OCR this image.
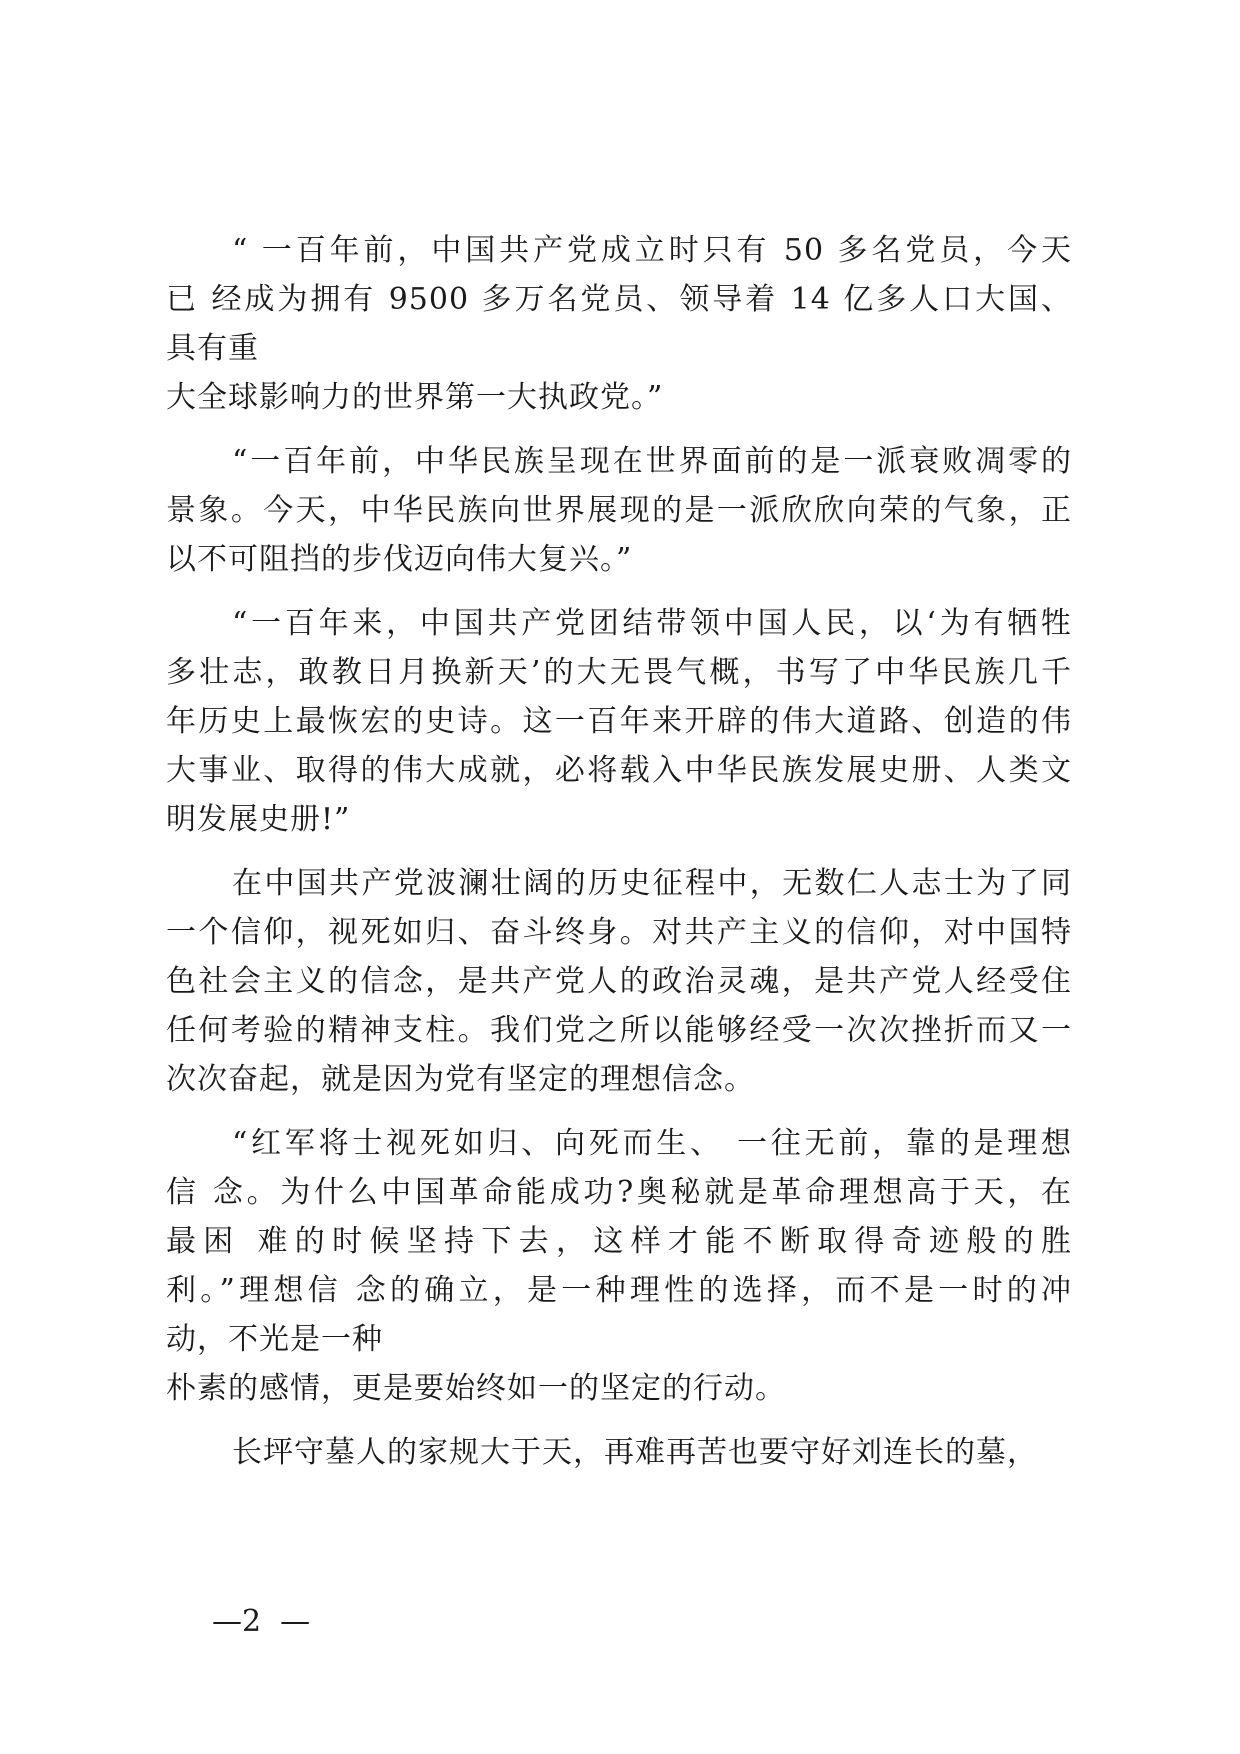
“ 一百年前，中国共产党成立时只有 50 多名党员，今天
已 经成为拥有 9500 多万名党员、领导着 14 亿多人口大国、
具有重
大全球影响力的世界第一大执政党。”
“一百年前，中华民族呈现在世界面前的是一派衰败凋零的
景象。今天，中华民族向世界展现的是一派欣欣向荣的气象，正
以不可阻挡的步伐迈向伟大复兴。”
“一百年来，中国共产党团结带领中国人民，以‘为有牺牲
多壮志，敢教日月换新天’的大无畏气概，书写了中华民族几千
年历史上最恢宏的史诗。这一百年来开辟的伟大道路、创造的伟
大事业、取得的伟大成就，必将载入中华民族发展史册、人类文
明发展史册!”
在中国共产党波澜壮阔的历史征程中，无数仁人志士为了同
一个信仰，视死如归、奋斗终身。对共产主义的信仰，对中国特
色社会主义的信念，是共产党人的政治灵魂，是共产党人经受住
任何考验的精神支柱。我们党之所以能够经受一次次挫折而又一
次次奋起，就是因为党有坚定的理想信念。
“红军将士视死如归、向死而生、 一往无前，靠的是理想
信 念。为什么中国革命能成功?奥秘就是革命理想高于天，在
最困 难的时候坚持下去，这样才能不断取得奇迹般的胜
利。”理想信 念的确立，是一种理性的选择，而不是一时的冲
动，不光是一种
朴素的感情，更是要始终如一的坚定的行动。
长坪守墓人的家规大于天，再难再苦也要守好刘连长的墓，
—2  —
